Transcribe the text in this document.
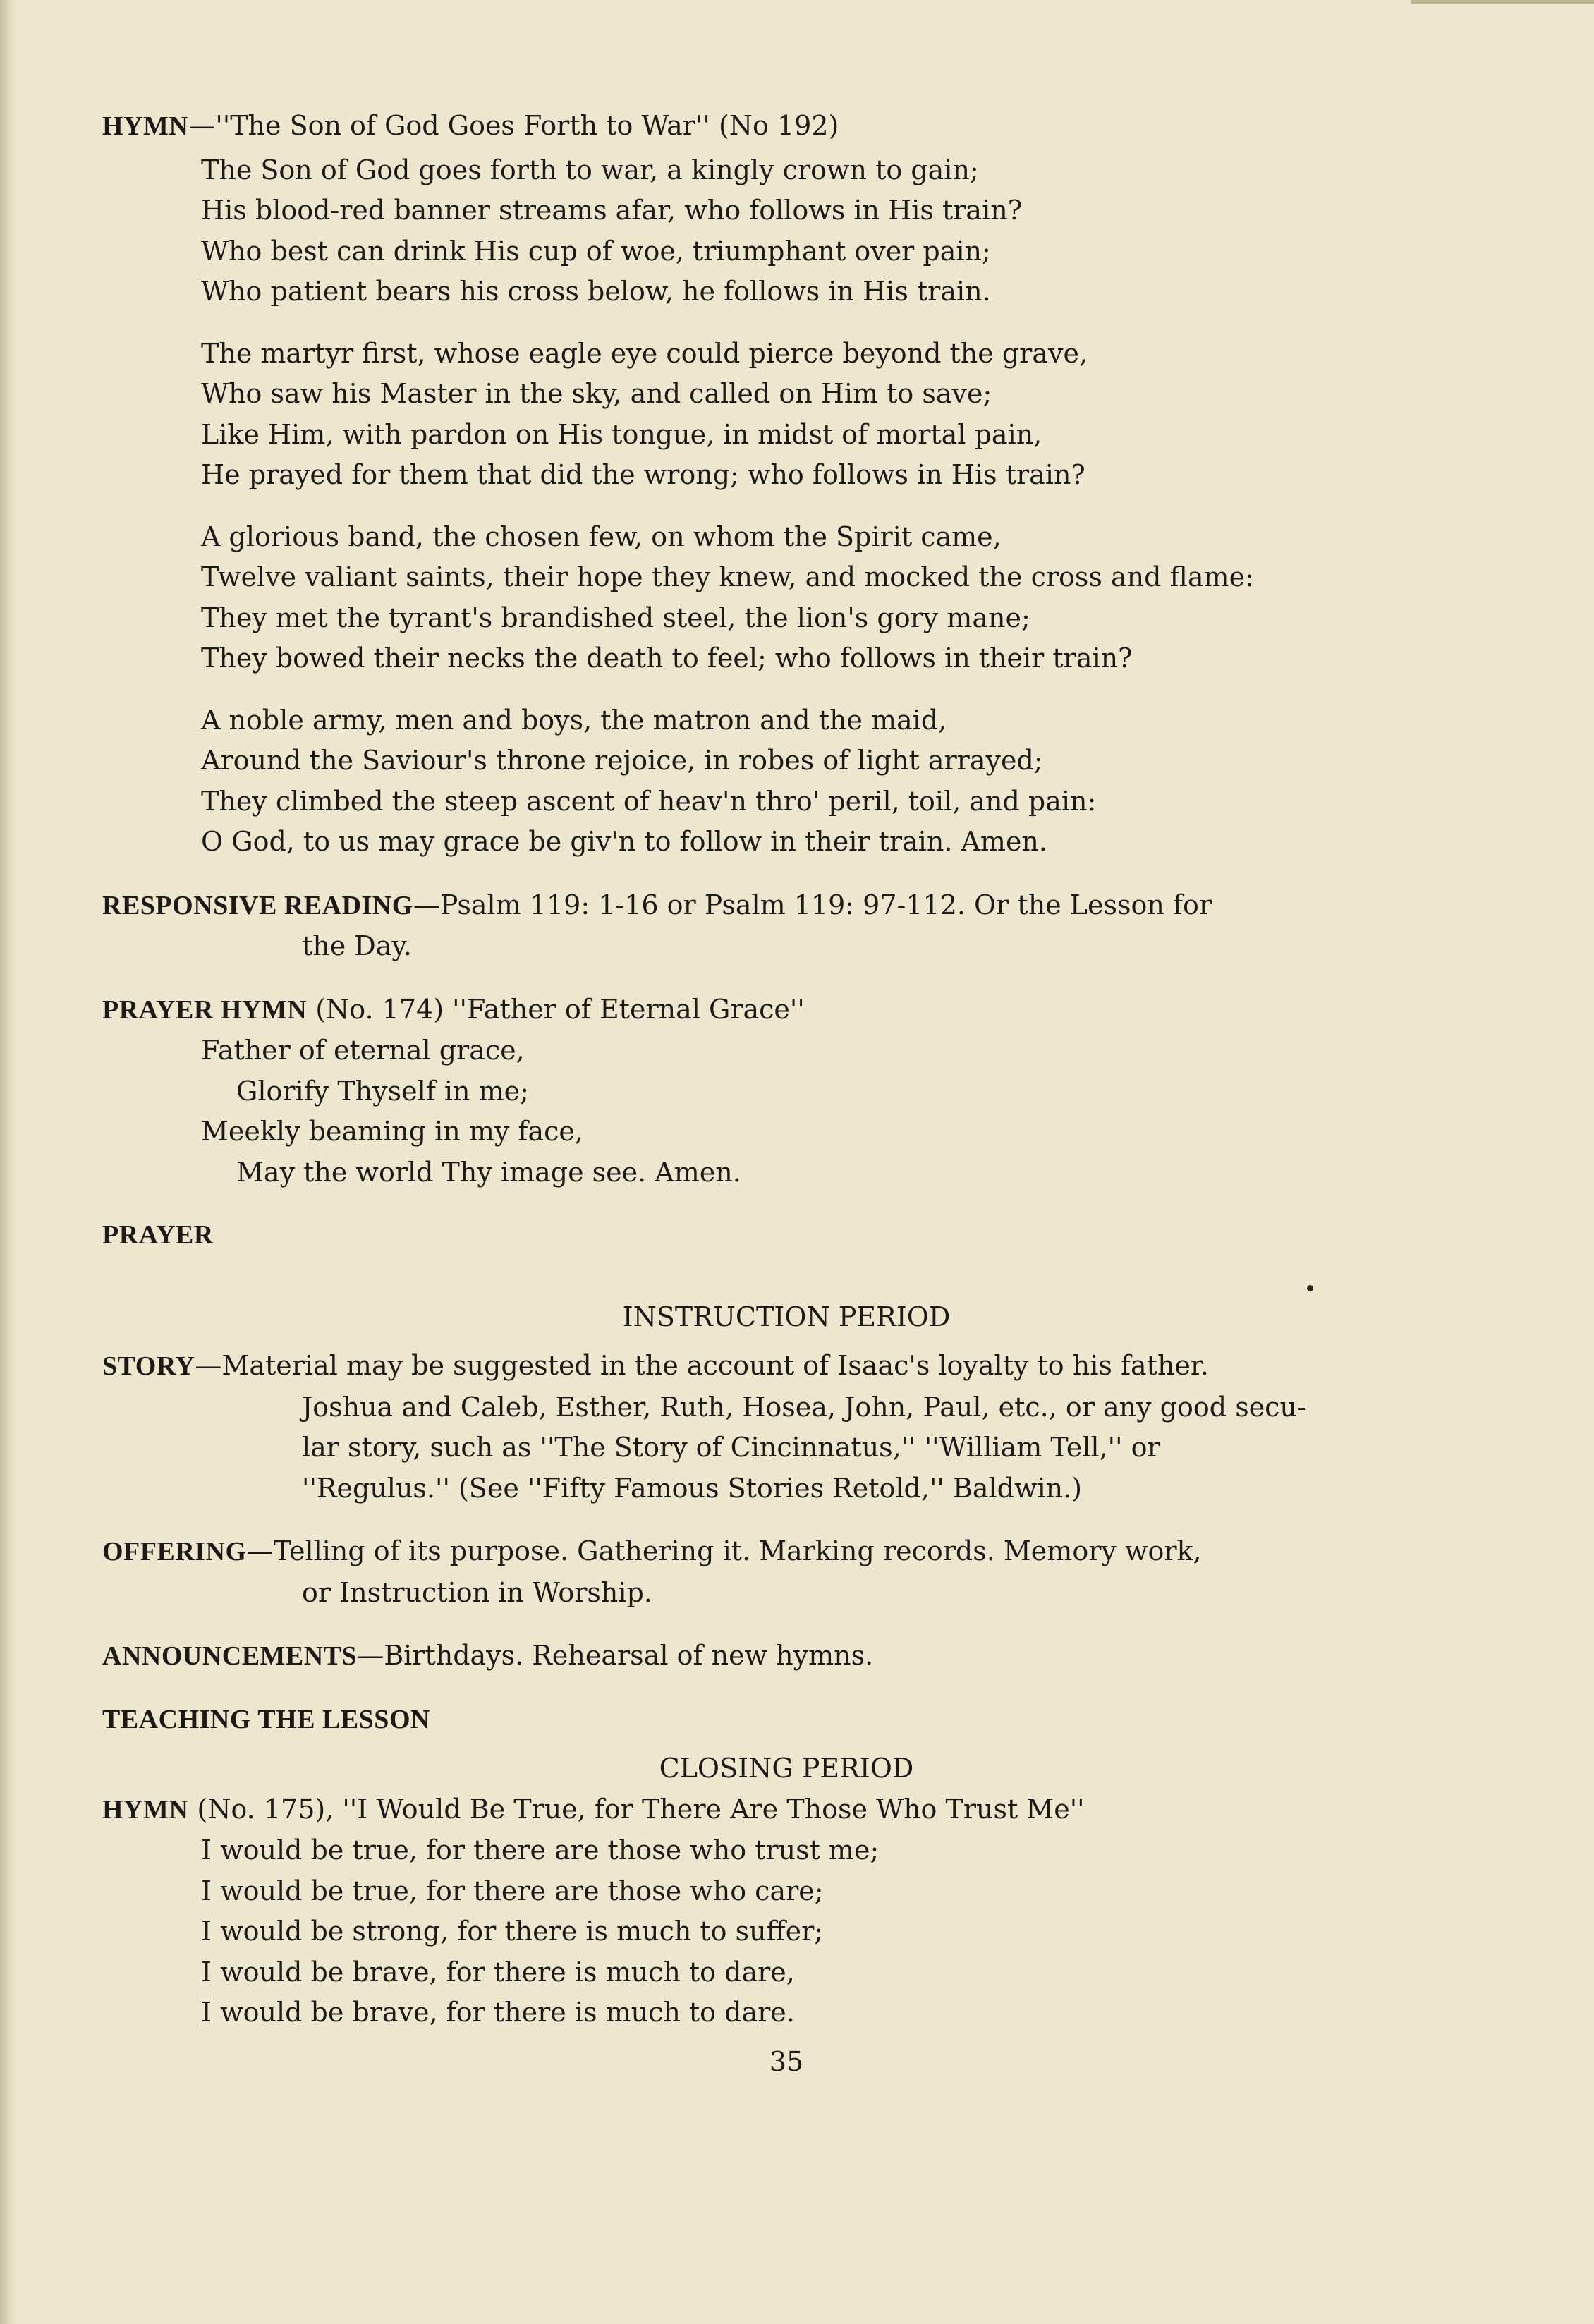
HYMN—''The Son of God Goes Forth to War'' (No 192)
The Son of God goes forth to war, a kingly crown to gain;
His blood-red banner streams afar, who follows in His train?
Who best can drink His cup of woe, triumphant over pain;
Who patient bears his cross below, he follows in His train.
The martyr first, whose eagle eye could pierce beyond the grave,
Who saw his Master in the sky, and called on Him to save;
Like Him, with pardon on His tongue, in midst of mortal pain,
He prayed for them that did the wrong; who follows in His train?
A glorious band, the chosen few, on whom the Spirit came,
Twelve valiant saints, their hope they knew, and mocked the cross and flame:
They met the tyrant's brandished steel, the lion's gory mane;
They bowed their necks the death to feel; who follows in their train?
A noble army, men and boys, the matron and the maid,
Around the Saviour's throne rejoice, in robes of light arrayed;
They climbed the steep ascent of heav'n thro' peril, toil, and pain:
O God, to us may grace be giv'n to follow in their train. Amen.
RESPONSIVE READING—Psalm 119: 1-16 or Psalm 119: 97-112. Or the Lesson for
the Day.
PRAYER HYMN (No. 174) ''Father of Eternal Grace''
Father of eternal grace,
Glorify Thyself in me;
Meekly beaming in my face,
May the world Thy image see. Amen.
PRAYER
INSTRUCTION PERIOD
STORY—Material may be suggested in the account of Isaac's loyalty to his father.
Joshua and Caleb, Esther, Ruth, Hosea, John, Paul, etc., or any good secu-
lar story, such as ''The Story of Cincinnatus,'' ''William Tell,'' or
''Regulus.'' (See ''Fifty Famous Stories Retold,'' Baldwin.)
OFFERING—Telling of its purpose. Gathering it. Marking records. Memory work,
or Instruction in Worship.
ANNOUNCEMENTS—Birthdays. Rehearsal of new hymns.
TEACHING THE LESSON
CLOSING PERIOD
HYMN (No. 175), ''I Would Be True, for There Are Those Who Trust Me''
I would be true, for there are those who trust me;
I would be true, for there are those who care;
I would be strong, for there is much to suffer;
I would be brave, for there is much to dare,
I would be brave, for there is much to dare.
35
